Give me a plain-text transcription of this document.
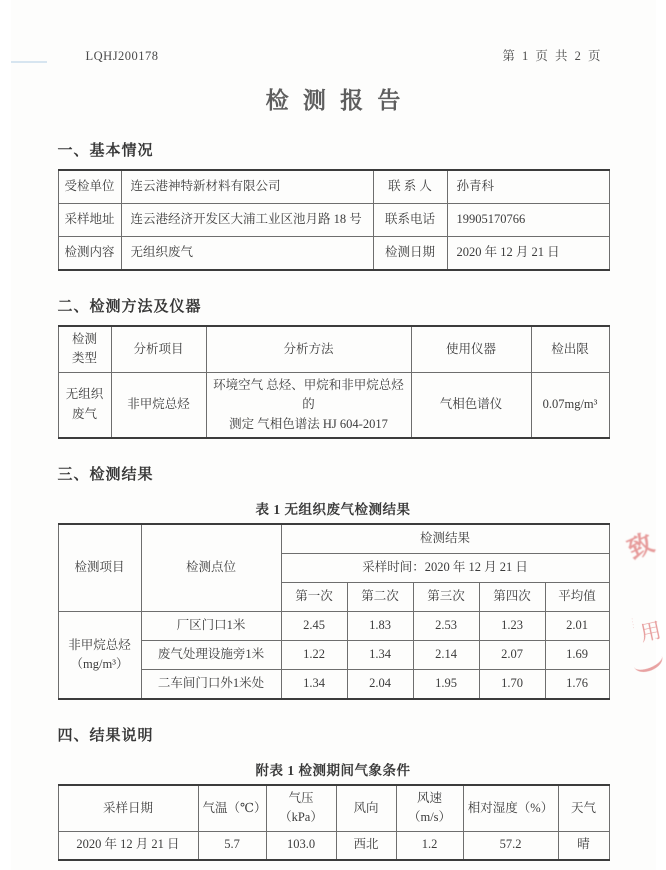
LQHJ200178	第 1 页 共 2 页
检测报告
一、基本情况
受检单位	连云港神特新材料有限公司	联 系 人	孙青科
采样地址	连云港经济开发区大浦工业区池月路 18 号	联系电话	19905170766
检测内容	无组织废气	检测日期	2020 年 12 月 21 日
二、检测方法及仪器
检测
类型	分析项目	分析方法	使用仪器	检出限
无组织
废气	非甲烷总烃	环境空气 总烃、甲烷和非甲烷总烃的
测定 气相色谱法 HJ 604-2017	气相色谱仪	0.07mg/m³
三、检测结果
表 1 无组织废气检测结果
检测项目	检测点位	检测结果				
		采样时间：2020 年 12 月 21 日				
		第一次	第二次	第三次	第四次	平均值
非甲烷总烃
（mg/m³）	厂区门口1米	2.45	1.83	2.53	1.23	2.01
	废气处理设施旁1米	1.22	1.34	2.14	2.07	1.69
	二车间门口外1米处	1.34	2.04	1.95	1.70	1.76
四、结果说明
附表 1 检测期间气象条件
采样日期	气温（℃）	气压（kPa）	风向	风速（m/s）	相对湿度（%）	天气
2020 年 12 月 21 日	5.7	103.0	西北	1.2	57.2	晴
致
···· 用
